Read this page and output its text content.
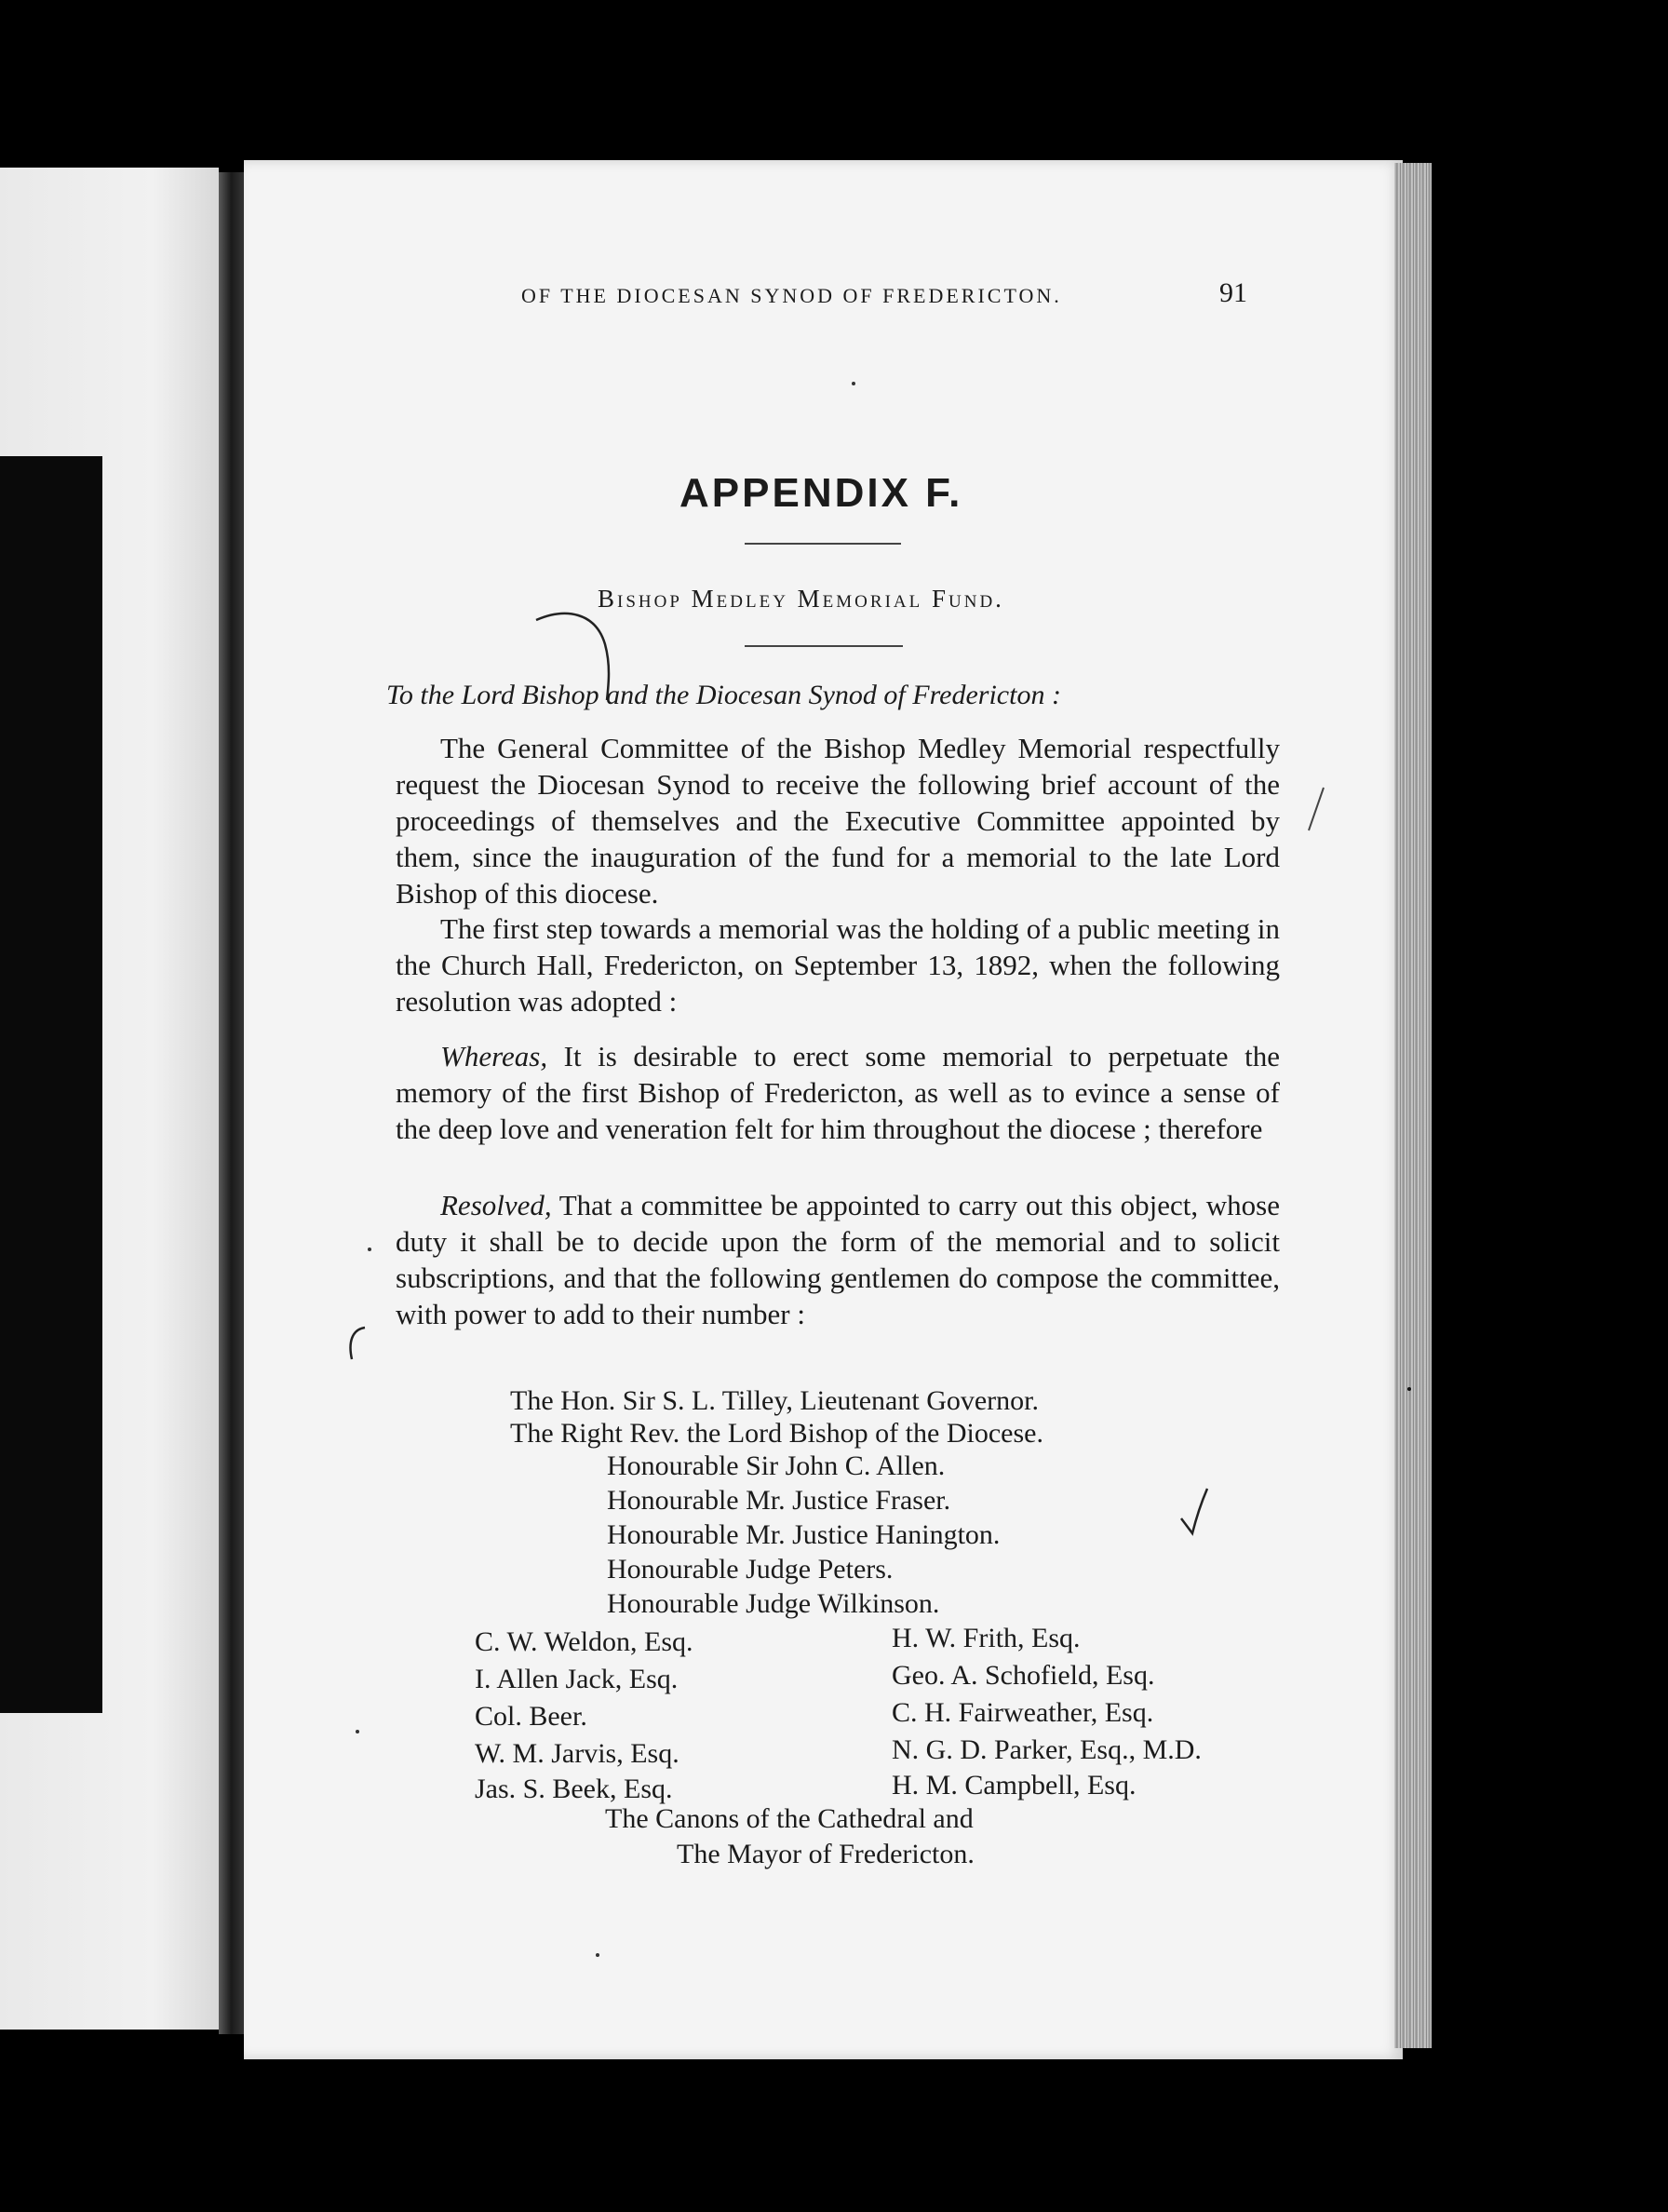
OF THE DIOCESAN SYNOD OF FREDERICTON.	91
APPENDIX F.
Bishop Medley Memorial Fund.
To the Lord Bishop and the Diocesan Synod of Fredericton :
The General Committee of the Bishop Medley Memorial respectfully request the Diocesan Synod to receive the following brief account of the proceedings of themselves and the Executive Committee appointed by them, since the inauguration of the fund for a memorial to the late Lord Bishop of this diocese.
The first step towards a memorial was the holding of a public meeting in the Church Hall, Fredericton, on September 13, 1892, when the following resolution was adopted :
Whereas, It is desirable to erect some memorial to perpetuate the memory of the first Bishop of Fredericton, as well as to evince a sense of the deep love and veneration felt for him throughout the diocese ; therefore
Resolved, That a committee be appointed to carry out this object, whose duty it shall be to decide upon the form of the memorial and to solicit subscriptions, and that the following gentlemen do compose the committee, with power to add to their number :
The Hon. Sir S. L. Tilley, Lieutenant Governor.
The Right Rev. the Lord Bishop of the Diocese.
Honourable Sir John C. Allen.
Honourable Mr. Justice Fraser.
Honourable Mr. Justice Hanington.
Honourable Judge Peters.
Honourable Judge Wilkinson.
C. W. Weldon, Esq.
I. Allen Jack, Esq.
Col. Beer.
W. M. Jarvis, Esq.
Jas. S. Beek, Esq.
H. W. Frith, Esq.
Geo. A. Schofield, Esq.
C. H. Fairweather, Esq.
N. G. D. Parker, Esq., M.D.
H. M. Campbell, Esq.
The Canons of the Cathedral and
The Mayor of Fredericton.
